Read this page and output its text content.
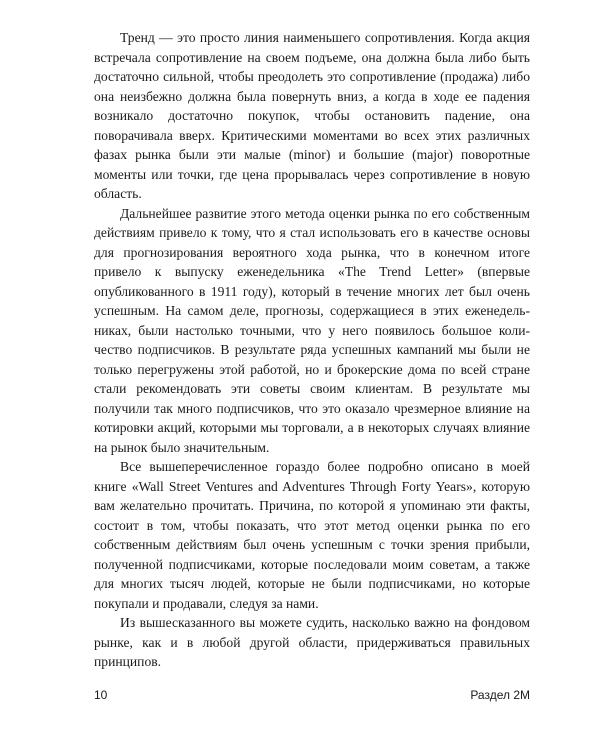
Тренд — это просто линия наименьшего сопротивления. Когда акция встречала сопротивление на своем подъеме, она должна была либо быть достаточно сильной, чтобы преодолеть это сопротивление (продажа) либо она неизбежно должна была повернуть вниз, а когда в ходе ее падения возникало достаточно покупок, чтобы остановить падение, она поворачивала вверх. Критическими моментами во всех этих различных фазах рынка были эти малые (minor) и большие (major) поворотные моменты или точки, где цена прорывалась через сопротивление в новую область.

Дальнейшее развитие этого метода оценки рынка по его собственным действиям привело к тому, что я стал использовать его в качестве основы для прогнозирования вероятного хода рынка, что в конечном итоге привело к выпуску еженедельника «The Trend Letter» (впервые опубликованного в 1911 году), который в течение многих лет был очень успешным. На самом деле, прогнозы, содержащиеся в этих еженедельниках, были настолько точными, что у него появилось большое количество подписчиков. В результате ряда успешных кампаний мы были не только перегружены этой работой, но и брокерские дома по всей стране стали рекомендовать эти советы своим клиентам. В результате мы получили так много подписчиков, что это оказало чрезмерное влияние на котировки акций, которыми мы торговали, а в некоторых случаях влияние на рынок было значительным.

Все вышеперечисленное гораздо более подробно описано в моей книге «Wall Street Ventures and Adventures Through Forty Years», которую вам желательно прочитать. Причина, по которой я упоминаю эти факты, состоит в том, чтобы показать, что этот метод оценки рынка по его собственным действиям был очень успешным с точки зрения прибыли, полученной подписчиками, которые последовали моим советам, а также для многих тысяч людей, которые не были подписчиками, но которые покупали и продавали, следуя за нами.

Из вышесказанного вы можете судить, насколько важно на фондовом рынке, как и в любой другой области, придерживаться правильных принципов.

10	Раздел 2М
